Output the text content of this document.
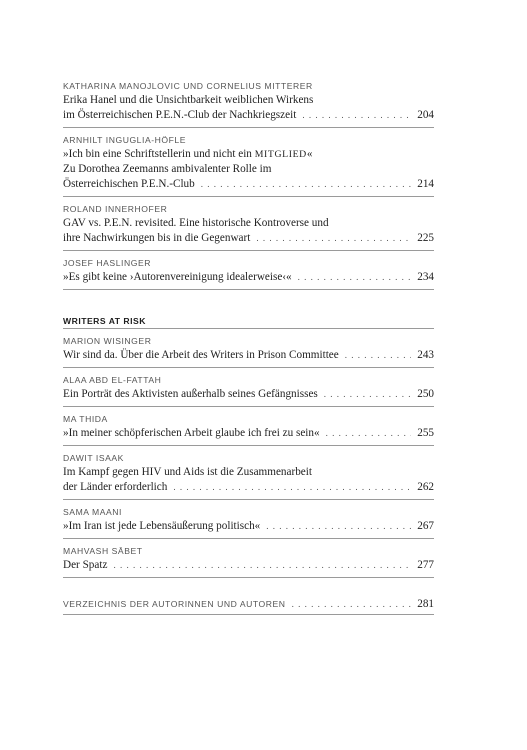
KATHARINA MANOJLOVIC UND CORNELIUS MITTERER
Erika Hanel und die Unsichtbarkeit weiblichen Wirkens
im Österreichischen P.E.N.-Club der Nachkriegszeit . . .	204
ARNHILT INGUGLIA-HÖFLE
»Ich bin eine Schriftstellerin und nicht ein MITGLIED«
Zu Dorothea Zeemanns ambivalenter Rolle im
Österreichischen P.E.N.-Club . . .	214
ROLAND INNERHOFER
GAV vs. P.E.N. revisited. Eine historische Kontroverse und
ihre Nachwirkungen bis in die Gegenwart . . .	225
JOSEF HASLINGER
»Es gibt keine ›Autorenvereinigung idealerweise‹« . . .	234
WRITERS AT RISK
MARION WISINGER
Wir sind da. Über die Arbeit des Writers in Prison Committee . . .	243
ALAA ABD EL-FATTAH
Ein Porträt des Aktivisten außerhalb seines Gefängnisses . . .	250
MA THIDA
»In meiner schöpferischen Arbeit glaube ich frei zu sein« . . .	255
DAWIT ISAAK
Im Kampf gegen HIV und Aids ist die Zusammenarbeit
der Länder erforderlich . . .	262
SAMA MAANI
»Im Iran ist jede Lebensäußerung politisch« . . .	267
MAHVASH SĀBET
Der Spatz . . .	277
VERZEICHNIS DER AUTORINNEN UND AUTOREN . . .	281
